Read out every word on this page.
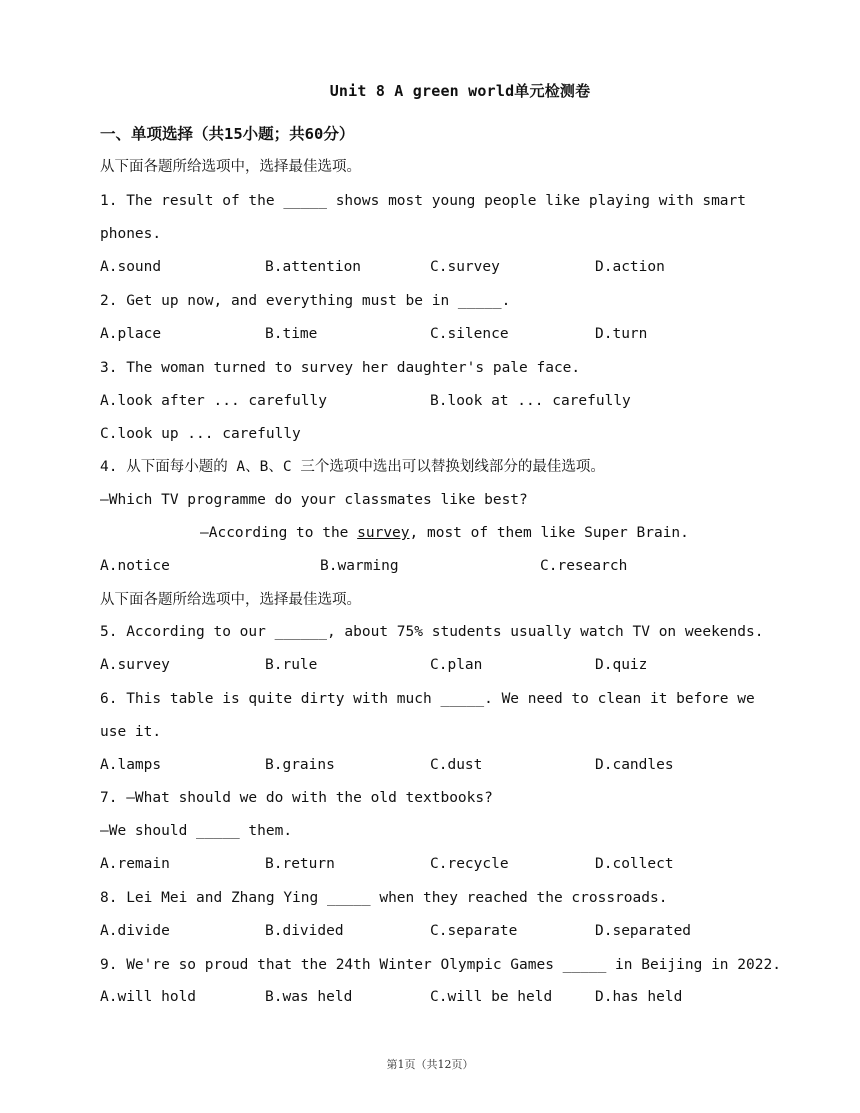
Unit 8 A green world单元检测卷
一、单项选择（共15小题；共60分）
从下面各题所给选项中，选择最佳选项。
1. The result of the _____ shows most young people like playing with smart
phones.
A.sound	B.attention	C.survey	D.action
2. Get up now, and everything must be in _____.
A.place	B.time	C.silence	D.turn
3. The woman turned to survey her daughter's pale face.
A.look after ... carefully	B.look at ... carefully
C.look up ... carefully
4. 从下面每小题的 A、B、C 三个选项中选出可以替换划线部分的最佳选项。
—Which TV programme do your classmates like best?
—According to the survey, most of them like Super Brain.
A.notice	B.warming	C.research
从下面各题所给选项中，选择最佳选项。
5. According to our ______, about 75% students usually watch TV on weekends.
A.survey	B.rule	C.plan	D.quiz
6. This table is quite dirty with much _____. We need to clean it before we
use it.
A.lamps	B.grains	C.dust	D.candles
7. —What should we do with the old textbooks?
—We should _____ them.
A.remain	B.return	C.recycle	D.collect
8. Lei Mei and Zhang Ying _____ when they reached the crossroads.
A.divide	B.divided	C.separate	D.separated
9. We're so proud that the 24th Winter Olympic Games _____ in Beijing in 2022.
A.will hold	B.was held	C.will be held	D.has held
第1页（共12页）
